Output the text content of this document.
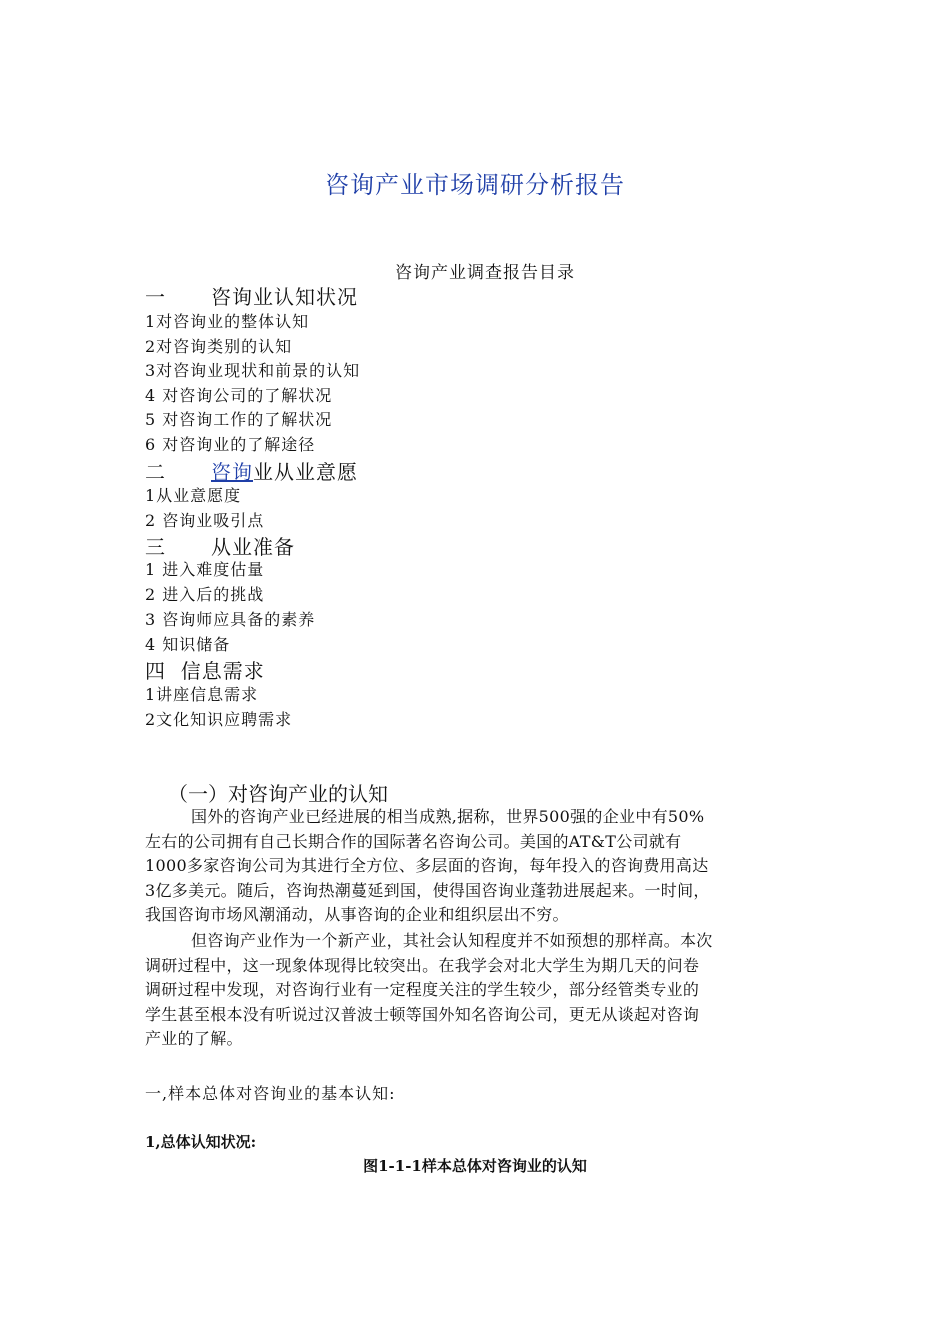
咨询产业市场调研分析报告
咨询产业调查报告目录
一 咨询业认知状况
1对咨询业的整体认知
2对咨询类别的认知
3对咨询业现状和前景的认知
4 对咨询公司的了解状况
5 对咨询工作的了解状况
6 对咨询业的了解途径
二 咨询业从业意愿
1从业意愿度
2 咨询业吸引点
三 从业准备
1 进入难度估量
2 进入后的挑战
3 咨询师应具备的素养
4 知识储备
四 信息需求
1讲座信息需求
2文化知识应聘需求
（一）对咨询产业的认知
国外的咨询产业已经进展的相当成熟,据称，世界500强的企业中有50%
左右的公司拥有自己长期合作的国际著名咨询公司。美国的AT&T公司就有
1000多家咨询公司为其进行全方位、多层面的咨询，每年投入的咨询费用高达
3亿多美元。随后，咨询热潮蔓延到国，使得国咨询业蓬勃进展起来。一时间，
我国咨询市场风潮涌动，从事咨询的企业和组织层出不穷。
但咨询产业作为一个新产业，其社会认知程度并不如预想的那样高。本次
调研过程中，这一现象体现得比较突出。在我学会对北大学生为期几天的问卷
调研过程中发现，对咨询行业有一定程度关注的学生较少，部分经管类专业的
学生甚至根本没有听说过汉普波士顿等国外知名咨询公司，更无从谈起对咨询
产业的了解。
一,样本总体对咨询业的基本认知:
1,总体认知状况:
图1-1-1样本总体对咨询业的认知
